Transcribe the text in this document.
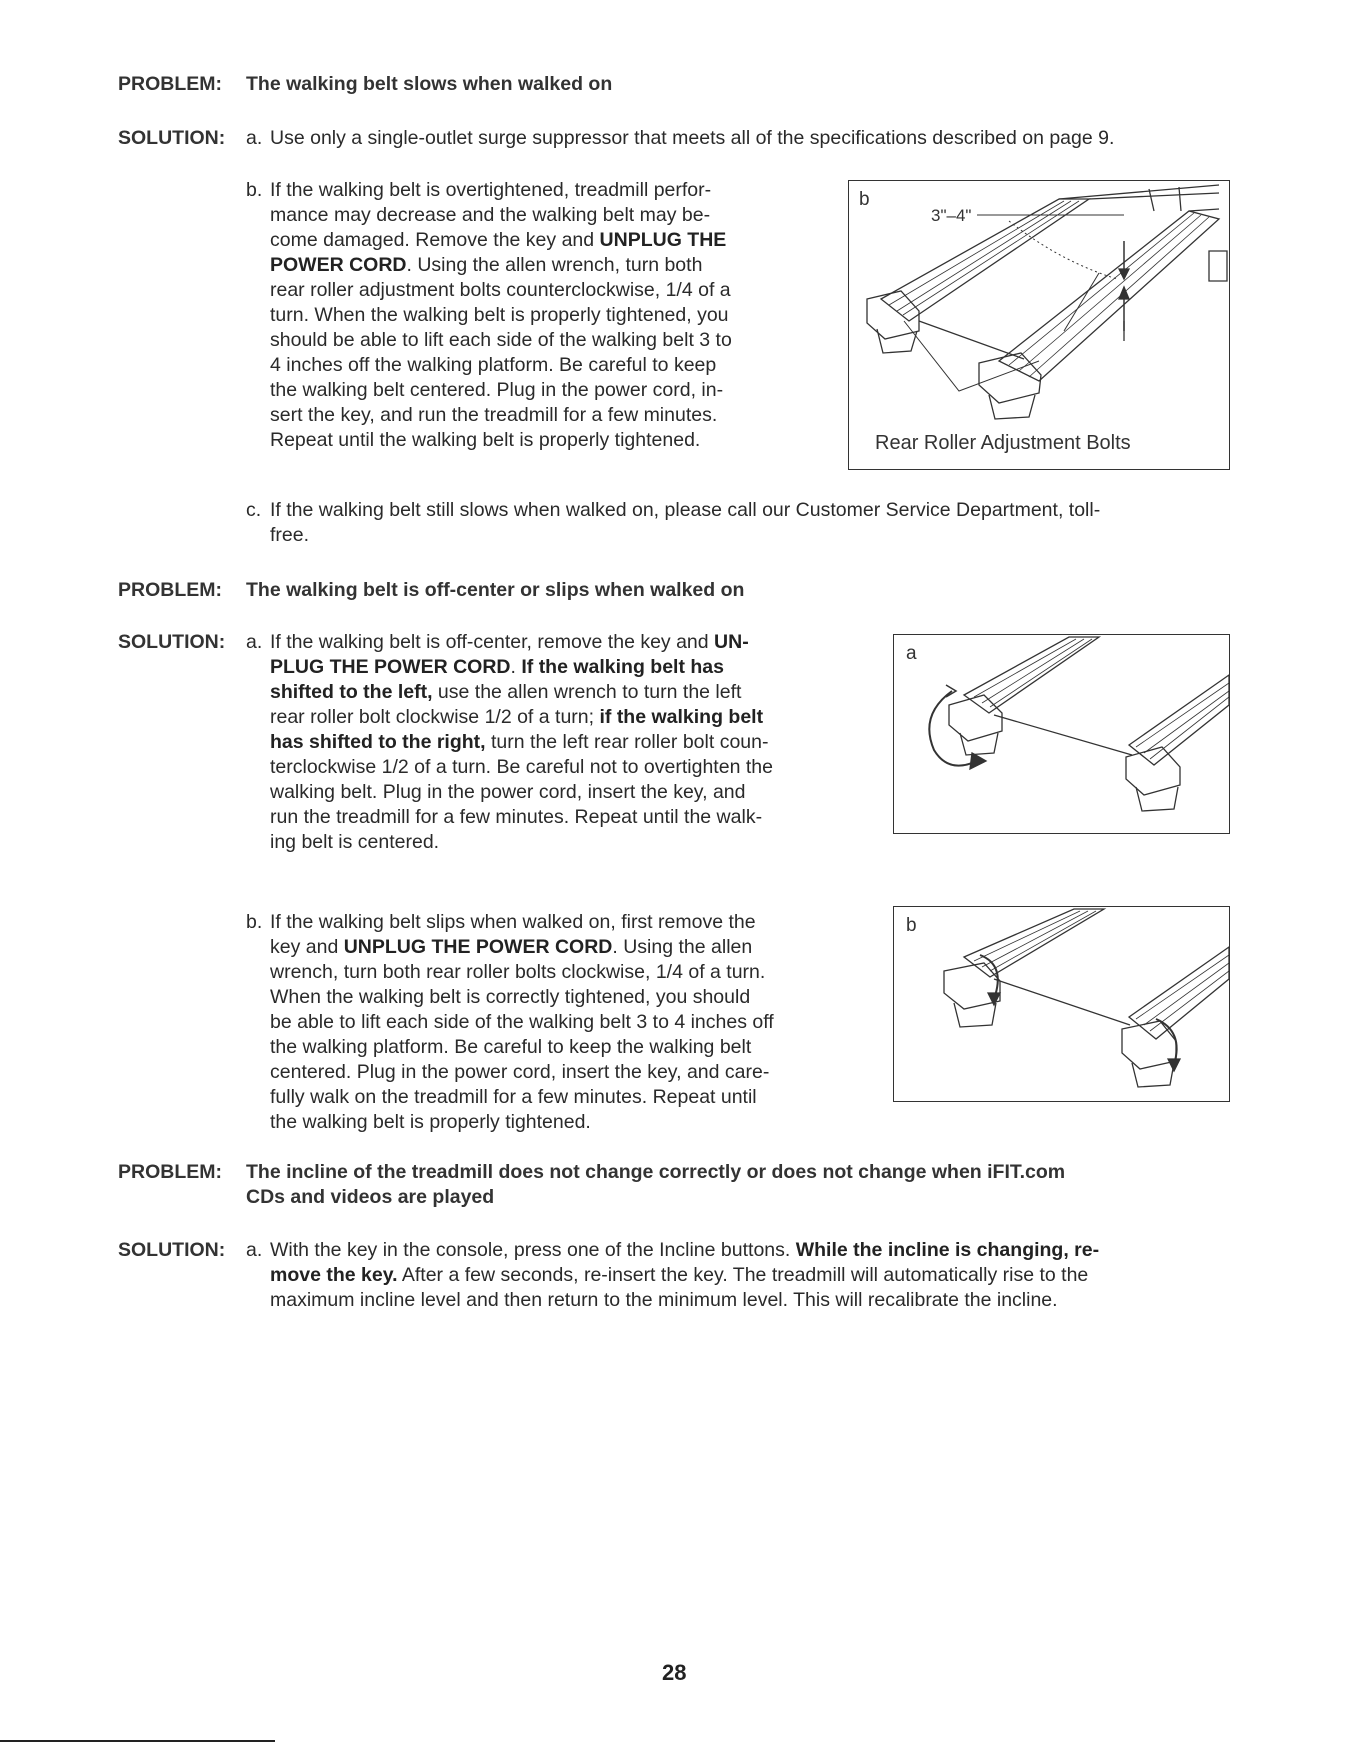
PROBLEM: The walking belt slows when walked on
SOLUTION: a. Use only a single-outlet surge suppressor that meets all of the specifications described on page 9.
b. If the walking belt is overtightened, treadmill perfor-
mance may decrease and the walking belt may be-
come damaged. Remove the key and UNPLUG THE
POWER CORD. Using the allen wrench, turn both
rear roller adjustment bolts counterclockwise, 1/4 of a
turn. When the walking belt is properly tightened, you
should be able to lift each side of the walking belt 3 to
4 inches off the walking platform. Be careful to keep
the walking belt centered. Plug in the power cord, in-
sert the key, and run the treadmill for a few minutes.
Repeat until the walking belt is properly tightened.
b
3"–4"
Rear Roller Adjustment Bolts
c. If the walking belt still slows when walked on, please call our Customer Service Department, toll-
free.
PROBLEM: The walking belt is off-center or slips when walked on
SOLUTION: a. If the walking belt is off-center, remove the key and UN-
PLUG THE POWER CORD. If the walking belt has
shifted to the left, use the allen wrench to turn the left
rear roller bolt clockwise 1/2 of a turn; if the walking belt
has shifted to the right, turn the left rear roller bolt coun-
terclockwise 1/2 of a turn. Be careful not to overtighten the
walking belt. Plug in the power cord, insert the key, and
run the treadmill for a few minutes. Repeat until the walk-
ing belt is centered.
a
b. If the walking belt slips when walked on, first remove the
key and UNPLUG THE POWER CORD. Using the allen
wrench, turn both rear roller bolts clockwise, 1/4 of a turn.
When the walking belt is correctly tightened, you should
be able to lift each side of the walking belt 3 to 4 inches off
the walking platform. Be careful to keep the walking belt
centered. Plug in the power cord, insert the key, and care-
fully walk on the treadmill for a few minutes. Repeat until
the walking belt is properly tightened.
b
PROBLEM: The incline of the treadmill does not change correctly or does not change when iFIT.com
CDs and videos are played
SOLUTION: a. With the key in the console, press one of the Incline buttons. While the incline is changing, re-
move the key. After a few seconds, re-insert the key. The treadmill will automatically rise to the
maximum incline level and then return to the minimum level. This will recalibrate the incline.
28
